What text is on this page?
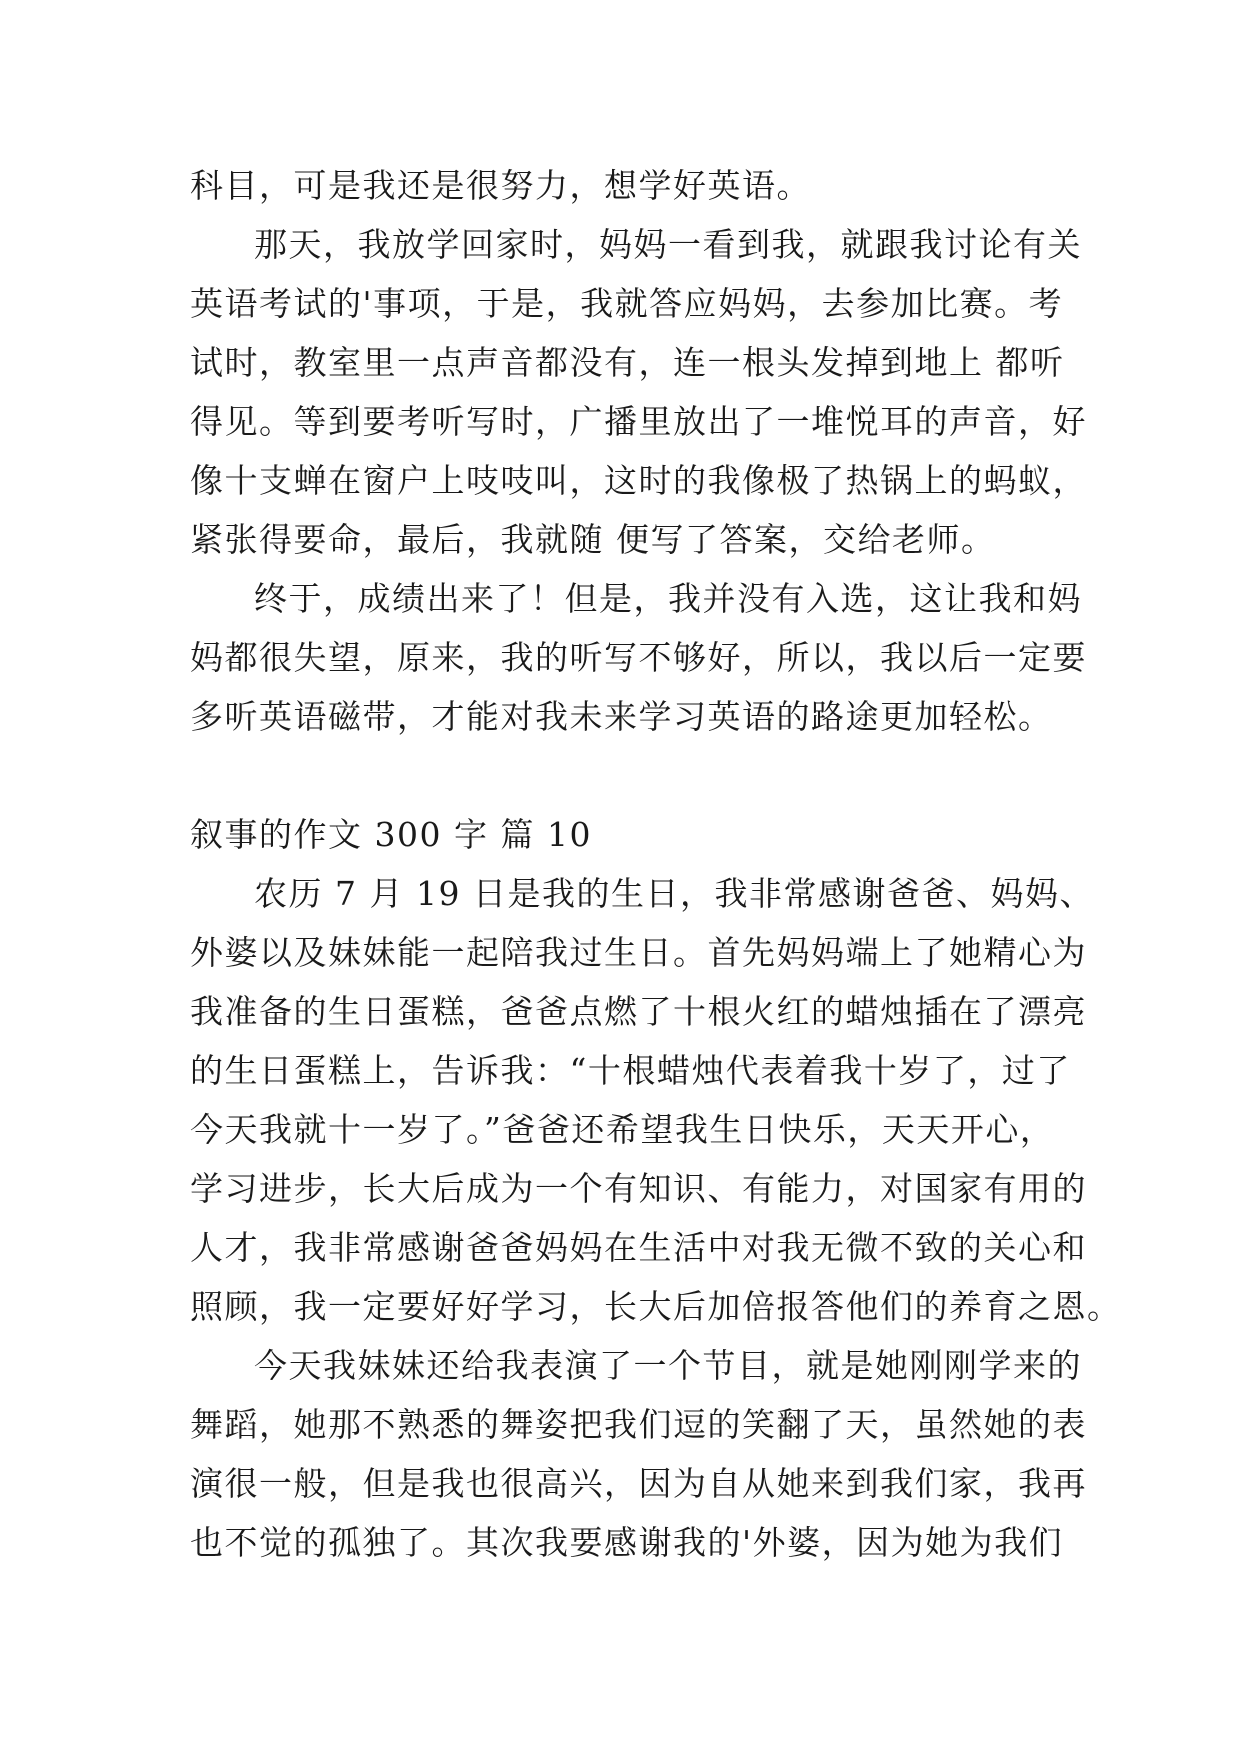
科目，可是我还是很努力，想学好英语。
那天，我放学回家时，妈妈一看到我，就跟我讨论有关
英语考试的'事项，于是，我就答应妈妈，去参加比赛。考
试时，教室里一点声音都没有，连一根头发掉到地上 都听
得见。等到要考听写时，广播里放出了一堆悦耳的声音，好
像十支蝉在窗户上吱吱叫，这时的我像极了热锅上的蚂蚁，
紧张得要命，最后，我就随 便写了答案，交给老师。
终于，成绩出来了！但是，我并没有入选，这让我和妈
妈都很失望，原来，我的听写不够好，所以，我以后一定要
多听英语磁带，才能对我未来学习英语的路途更加轻松。
叙事的作文 300 字 篇 10
农历 7 月 19 日是我的生日，我非常感谢爸爸、妈妈、
外婆以及妹妹能一起陪我过生日。首先妈妈端上了她精心为
我准备的生日蛋糕，爸爸点燃了十根火红的蜡烛插在了漂亮
的生日蛋糕上，告诉我：“十根蜡烛代表着我十岁了，过了
今天我就十一岁了。”爸爸还希望我生日快乐，天天开心，
学习进步，长大后成为一个有知识、有能力，对国家有用的
人才，我非常感谢爸爸妈妈在生活中对我无微不致的关心和
照顾，我一定要好好学习，长大后加倍报答他们的养育之恩。
今天我妹妹还给我表演了一个节目，就是她刚刚学来的
舞蹈，她那不熟悉的舞姿把我们逗的笑翻了天，虽然她的表
演很一般，但是我也很高兴，因为自从她来到我们家，我再
也不觉的孤独了。其次我要感谢我的'外婆，因为她为我们
